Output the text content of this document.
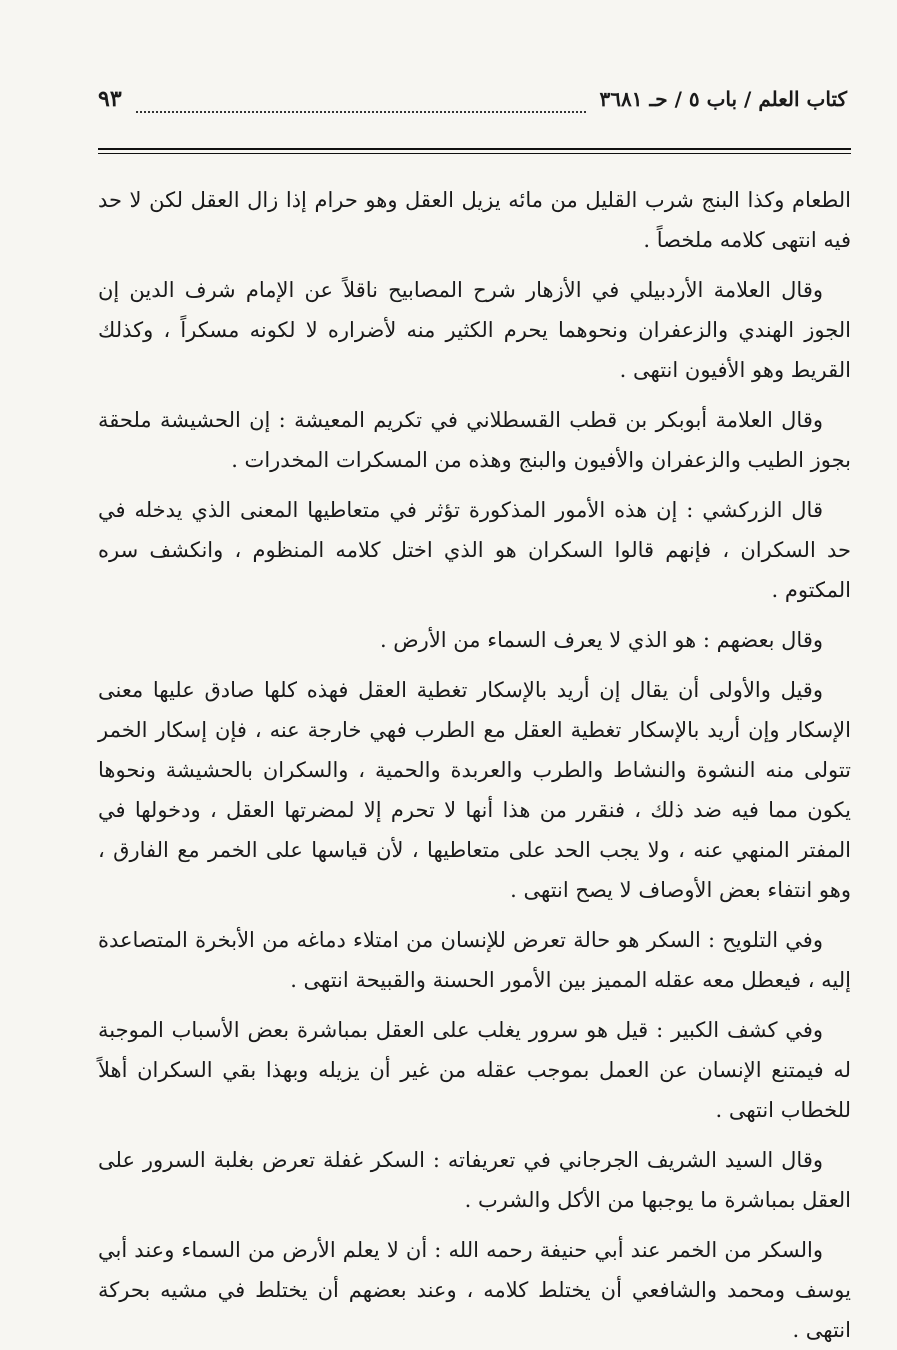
كتاب العلم / باب ٥ / حـ ٣٦٨١
٩٣

الطعام وكذا البنج شرب القليل من مائه يزيل العقل وهو حرام إذا زال العقل لكن لا حد فيه انتهى كلامه ملخصاً .

وقال العلامة الأردبيلي في الأزهار شرح المصابيح ناقلاً عن الإمام شرف الدين إن الجوز الهندي والزعفران ونحوهما يحرم الكثير منه لأضراره لا لكونه مسكراً ، وكذلك القريط وهو الأفيون انتهى .

وقال العلامة أبوبكر بن قطب القسطلاني في تكريم المعيشة : إن الحشيشة ملحقة بجوز الطيب والزعفران والأفيون والبنج وهذه من المسكرات المخدرات .

قال الزركشي : إن هذه الأمور المذكورة تؤثر في متعاطيها المعنى الذي يدخله في حد السكران ، فإنهم قالوا السكران هو الذي اختل كلامه المنظوم ، وانكشف سره المكتوم .

وقال بعضهم : هو الذي لا يعرف السماء من الأرض .

وقيل والأولى أن يقال إن أريد بالإسكار تغطية العقل فهذه كلها صادق عليها معنى الإسكار وإن أريد بالإسكار تغطية العقل مع الطرب فهي خارجة عنه ، فإن إسكار الخمر تتولى منه النشوة والنشاط والطرب والعربدة والحمية ، والسكران بالحشيشة ونحوها يكون مما فيه ضد ذلك ، فنقرر من هذا أنها لا تحرم إلا لمضرتها العقل ، ودخولها في المفتر المنهي عنه ، ولا يجب الحد على متعاطيها ، لأن قياسها على الخمر مع الفارق ، وهو انتفاء بعض الأوصاف لا يصح انتهى .

وفي التلويح : السكر هو حالة تعرض للإنسان من امتلاء دماغه من الأبخرة المتصاعدة إليه ، فيعطل معه عقله المميز بين الأمور الحسنة والقبيحة انتهى .

وفي كشف الكبير : قيل هو سرور يغلب على العقل بمباشرة بعض الأسباب الموجبة له فيمتنع الإنسان عن العمل بموجب عقله من غير أن يزيله وبهذا بقي السكران أهلاً للخطاب انتهى .

وقال السيد الشريف الجرجاني في تعريفاته : السكر غفلة تعرض بغلبة السرور على العقل بمباشرة ما يوجبها من الأكل والشرب .

والسكر من الخمر عند أبي حنيفة رحمه الله : أن لا يعلم الأرض من السماء وعند أبي يوسف ومحمد والشافعي أن يختلط كلامه ، وعند بعضهم أن يختلط في مشيه بحركة انتهى .
